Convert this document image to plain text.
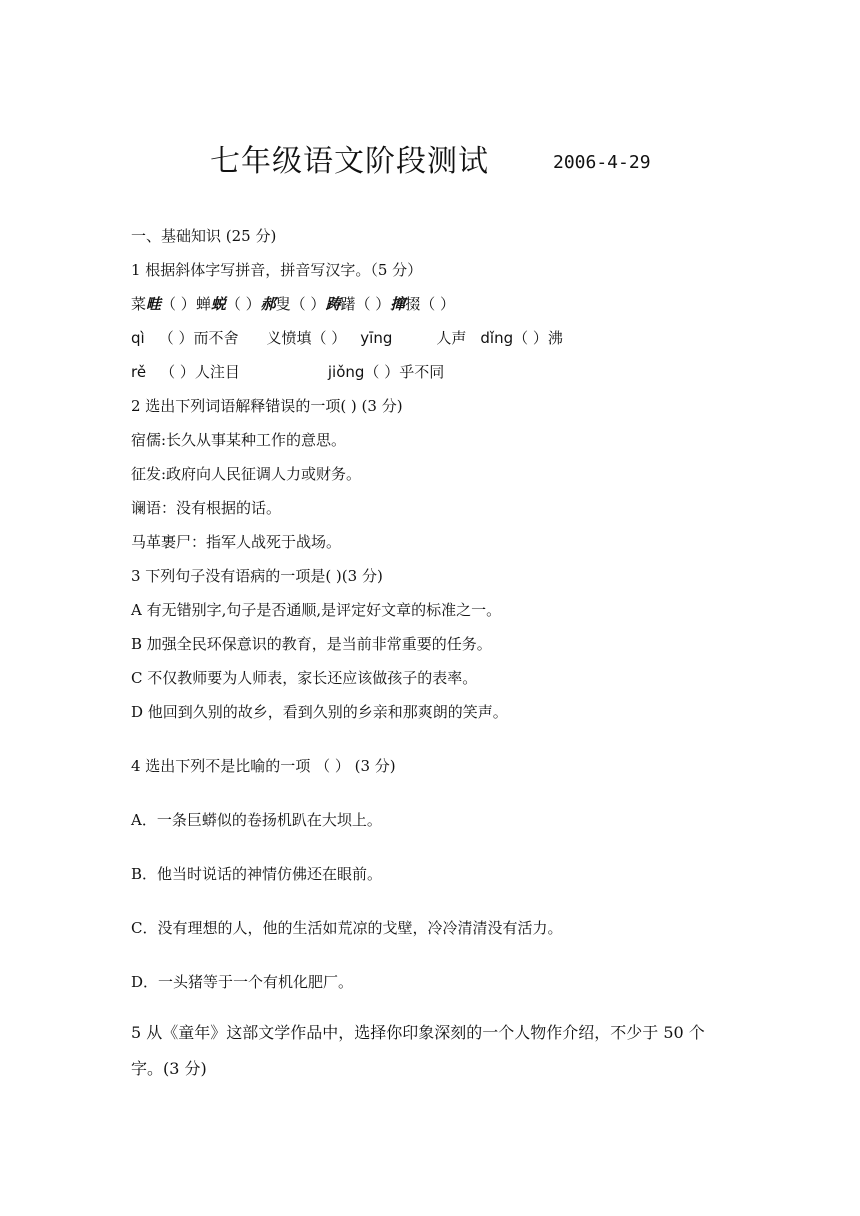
七年级语文阶段测试	2006-4-29
一、基础知识 (25 分)
1 根据斜体字写拼音，拼音写汉字。（5 分）
菜 畦 （ ） 蝉 蜕 （ ） 郝 叟 （ ） 踌 躇 （ ） 撺 掇 （ ）
qì （ ） 而不舍 义愤填 （ ） yīng	人声 dǐng （ ） 沸
rě （ ） 人注目	jiǒng （ ） 乎不同
2 选出下列词语解释错误的一项( ) (3 分)
宿儒:长久从事某种工作的意思。
征发:政府向人民征调人力或财务。
谰语：没有根据的话。
马革裹尸：指军人战死于战场。
3 下列句子没有语病的一项是( )(3 分)
A 有无错别字,句子是否通顺,是评定好文章的标准之一。
B 加强全民环保意识的教育，是当前非常重要的任务。
C 不仅教师要为人师表，家长还应该做孩子的表率。
D 他回到久别的故乡，看到久别的乡亲和那爽朗的笑声。
4 选出下列不是比喻的一项 （ ） (3 分)
A．一条巨蟒似的卷扬机趴在大坝上。
B．他当时说话的神情仿佛还在眼前。
C．没有理想的人，他的生活如荒凉的戈壁，冷冷清清没有活力。
D．一头猪等于一个有机化肥厂。
5 从《童年》这部文学作品中，选择你印象深刻的一个人物作介绍，不少于 50 个字。(3 分)
